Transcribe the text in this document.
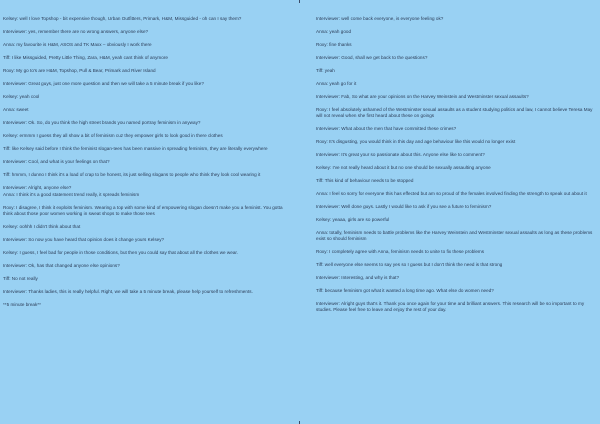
Kelsey: well I love Topshop - bit expensive though, Urban Outfitters, Primark, H&M, Missguided - oh can I say them?

Interviewer: yes, remember there are no wrong answers, anyone else?

Anna: my favourite is H&M, ASOS and TK Maxx – obviously I work there

Tiff: I like Missguided, Pretty Little Thing, Zara, H&M, yeah cant think of anymore

Roxy: My go to's are H&M, Topshop, Pull & Bear, Primark and River Island

Interviewer: Great guys, just one more question and then we will take a 5 minute break if you like?

Kelsey: yeah cool

Anna: sweet

Interviewer: Ok. So, do you think the high street brands you named portray feminism in anyway?

Kelsey: ermmm I guess they all show a bit of feminism cuz they empower girls to look good in there clothes

Tiff: like Kelsey said before I think the feminist slogan-tees has been massive in spreading feminism, they are literally everywhere

Interviewer: Cool, and what is your feelings on that?

Tiff: hmmm, I dunno I think it's a load of crap to be honest, its just selling slogans to people who think they look cool wearing it

Interviewer: Alright, anyone else?

Anna: I think it's a good statement trend really, it spreads feminism

Roxy: I disagree, I think it exploits feminism. Wearing a top with some kind of empowering slogan doesn't make you a feminist. You gotta think about those poor women working in sweat shops to make those tees

Kelsey: oohhh I didn't think about that

Interviewer: So now you have heard that opinion does it change yours Kelsey?

Kelsey: I guess, I feel bad for people in those conditions, but then you could say that about all the clothes we wear.

Interviewer: Ok, has that changed anyone else opinions?

Tiff: No not really

Interviewer: Thanks ladies, this is really helpful. Right, we will take a 5 minute break, please help yourself to refreshments.

**5 minute break**

Interviewer: well come back everyone, is everyone feeling ok?

Anna: yeah good

Roxy: fine thanks

Interviewer: Good, shall we get back to the questions?

Tiff: yeah

Anna: yeah go for it

Interviewer: Fab, So what are your opinions on the Harvey Weinstein and Westminster sexual assaults?

Roxy: I feel absolutely ashamed of the Westminster sexual assaults as a student studying politics and law, I cannot believe Teresa May will not reveal when she first heard about these on goings

Interviewer: What about the men that have committed these crimes?

Roxy: It's disgusting, you would think in this day and age behaviour like this would no longer exist

Interviewer: It's great your so passionate about this. Anyone else like to comment?

Kelsey: I've not really heard about it but no one should be sexually assaulting anyone

Tiff: This kind of behaviour needs to be stopped

Anna: I feel so sorry for everyone this has effected but am so proud of the females involved finding the strength to speak out about it

Interviewer: Well done guys. Lastly I would like to ask if you see a future to feminism?

Kelsey: yeaaa, girls are so powerful

Anna: totally, feminism needs to battle problems like the Harvey Weinstein and Westminster sexual assaults as long as these problems exist so should feminism

Roxy: I completely agree with Anna, feminism needs to unite to fix these problems

Tiff: well everyone else seems to say yes so I guess but I don't think the need is that strong

Interviewer: Interesting, and why is that?

Tiff: because feminism got what it wanted a long time ago. What else do women need?

Interviewer: Alright guys that's it. Thank you once again for your time and brilliant answers. This research will be so important to my studies. Please feel free to leave and enjoy the rest of your day.
